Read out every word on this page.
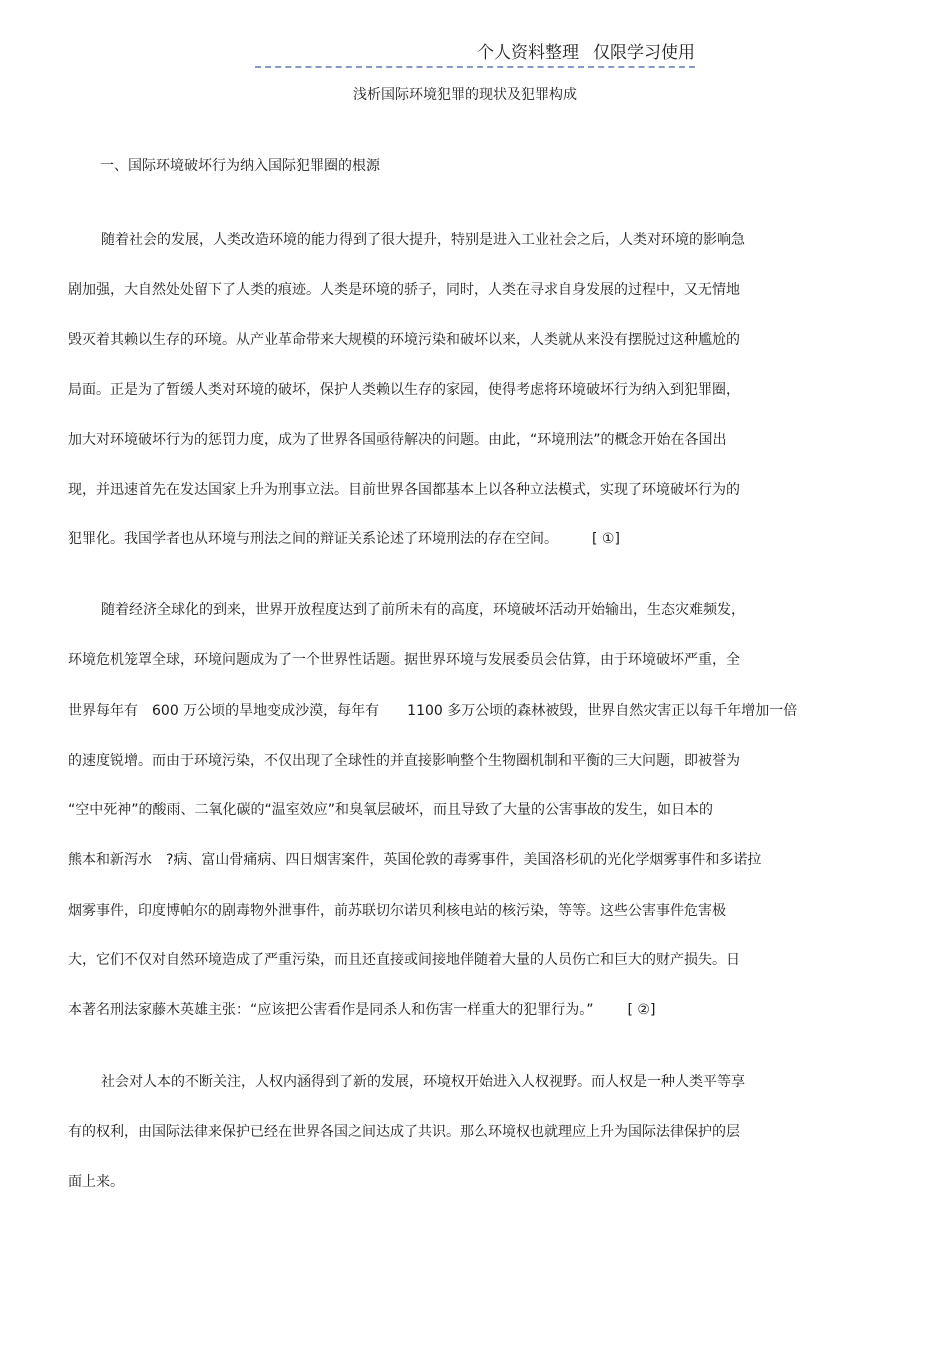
个人资料整理 仅限学习使用
浅析国际环境犯罪的现状及犯罪构成
一、国际环境破坏行为纳入国际犯罪圈的根源
随着社会的发展，人类改造环境的能力得到了很大提升，特别是进入工业社会之后，人类对环境的影响急
剧加强，大自然处处留下了人类的痕迹。人类是环境的骄子，同时，人类在寻求自身发展的过程中，又无情地
毁灭着其赖以生存的环境。从产业革命带来大规模的环境污染和破坏以来，人类就从来没有摆脱过这种尴尬的
局面。正是为了暂缓人类对环境的破坏，保护人类赖以生存的家园，使得考虑将环境破坏行为纳入到犯罪圈，
加大对环境破坏行为的惩罚力度，成为了世界各国亟待解决的问题。由此，“环境刑法”的概念开始在各国出
现，并迅速首先在发达国家上升为刑事立法。目前世界各国都基本上以各种立法模式，实现了环境破坏行为的
犯罪化。我国学者也从环境与刑法之间的辩证关系论述了环境刑法的存在空间。 [ ①]
随着经济全球化的到来，世界开放程度达到了前所未有的高度，环境破坏活动开始输出，生态灾难频发，
环境危机笼罩全球，环境问题成为了一个世界性话题。据世界环境与发展委员会估算，由于环境破坏严重，全
世界每年有　600 万公顷的旱地变成沙漠，每年有　　1100 多万公顷的森林被毁，世界自然灾害正以每千年增加一倍
的速度锐增。而由于环境污染，不仅出现了全球性的并直接影响整个生物圈机制和平衡的三大问题，即被誉为
“空中死神”的酸雨、二氧化碳的“温室效应”和臭氧层破坏，而且导致了大量的公害事故的发生，如日本的
熊本和新泻水　?病、富山骨痛病、四日烟害案件，英国伦敦的毒雾事件，美国洛杉矶的光化学烟雾事件和多诺拉
烟雾事件，印度博帕尔的剧毒物外泄事件，前苏联切尔诺贝利核电站的核污染，等等。这些公害事件危害极
大，它们不仅对自然环境造成了严重污染，而且还直接或间接地伴随着大量的人员伤亡和巨大的财产损失。日
本著名刑法家藤木英雄主张：“应该把公害看作是同杀人和伤害一样重大的犯罪行为。” [ ②]
社会对人本的不断关注，人权内涵得到了新的发展，环境权开始进入人权视野。而人权是一种人类平等享
有的权利，由国际法律来保护已经在世界各国之间达成了共识。那么环境权也就理应上升为国际法律保护的层
面上来。
